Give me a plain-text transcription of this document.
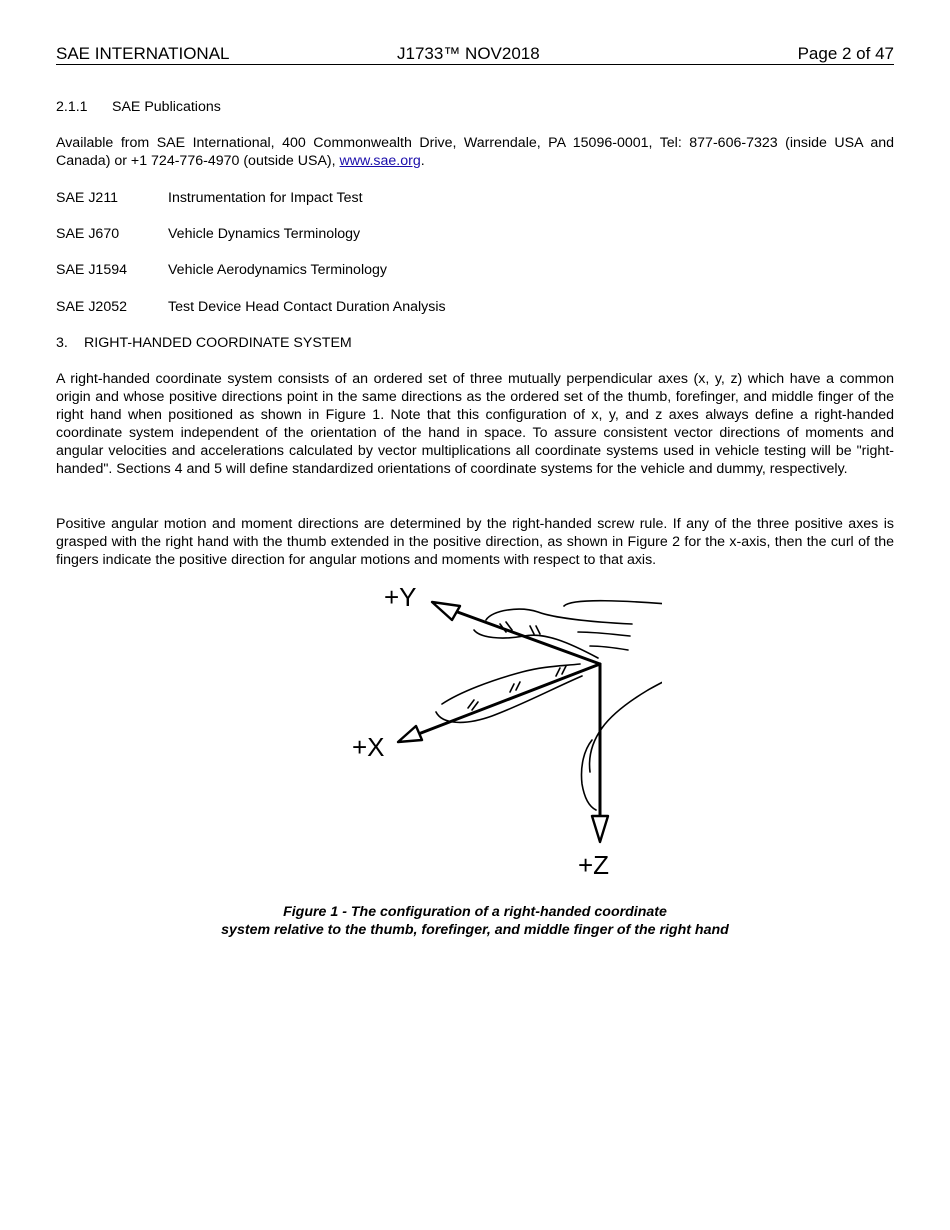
SAE INTERNATIONAL	J1733™ NOV2018	Page 2 of 47
2.1.1 SAE Publications
Available from SAE International, 400 Commonwealth Drive, Warrendale, PA 15096-0001, Tel: 877-606-7323 (inside USA and Canada) or +1 724-776-4970 (outside USA), www.sae.org.
SAE J211	Instrumentation for Impact Test
SAE J670	Vehicle Dynamics Terminology
SAE J1594	Vehicle Aerodynamics Terminology
SAE J2052	Test Device Head Contact Duration Analysis
3. RIGHT-HANDED COORDINATE SYSTEM
A right-handed coordinate system consists of an ordered set of three mutually perpendicular axes (x, y, z) which have a common origin and whose positive directions point in the same directions as the ordered set of the thumb, forefinger, and middle finger of the right hand when positioned as shown in Figure 1. Note that this configuration of x, y, and z axes always define a right-handed coordinate system independent of the orientation of the hand in space. To assure consistent vector directions of moments and angular velocities and accelerations calculated by vector multiplications all coordinate systems used in vehicle testing will be "right-handed". Sections 4 and 5 will define standardized orientations of coordinate systems for the vehicle and dummy, respectively.
Positive angular motion and moment directions are determined by the right-handed screw rule. If any of the three positive axes is grasped with the right hand with the thumb extended in the positive direction, as shown in Figure 2 for the x-axis, then the curl of the fingers indicate the positive direction for angular motions and moments with respect to that axis.
+Y
+X
+Z
Figure 1 - The configuration of a right-handed coordinate
system relative to the thumb, forefinger, and middle finger of the right hand
